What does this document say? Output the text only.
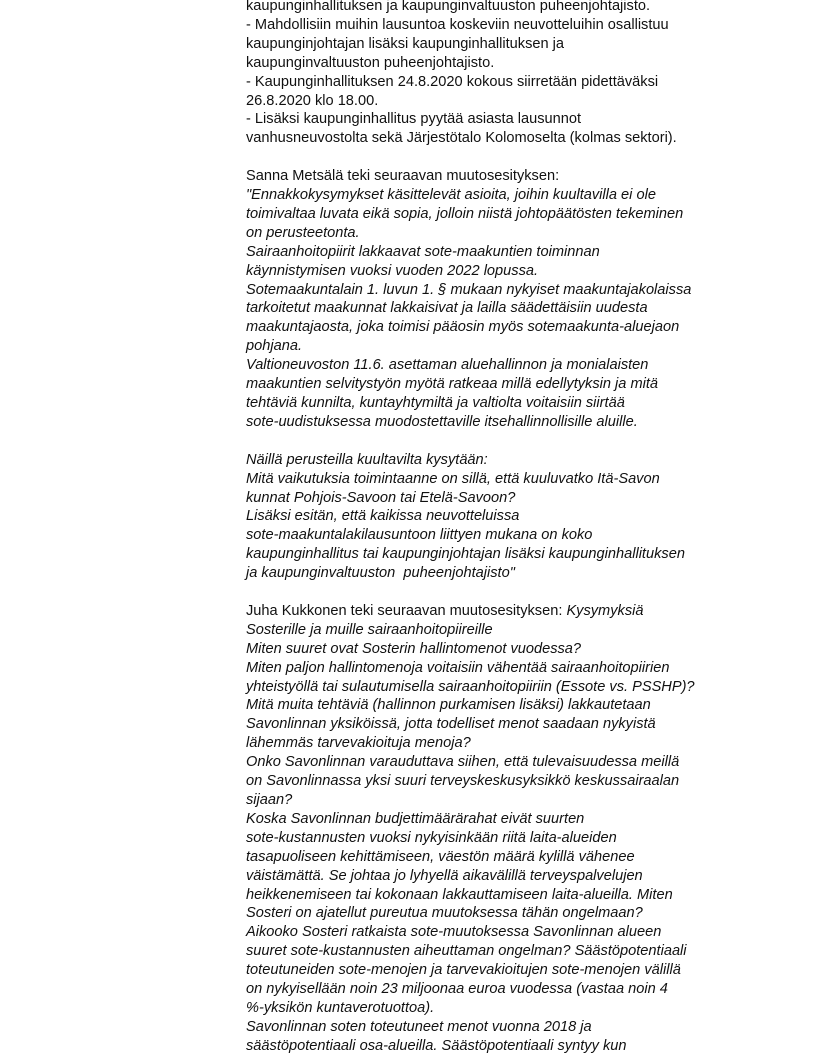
kaupunginhallituksen ja kaupunginvaltuuston puheenjohtajisto.
- Mahdollisiin muihin lausuntoa koskeviin neuvotteluihin osallistuu
kaupunginjohtajan lisäksi kaupunginhallituksen ja
kaupunginvaltuuston puheenjohtajisto.
- Kaupunginhallituksen 24.8.2020 kokous siirretään pidettäväksi
26.8.2020 klo 18.00.
- Lisäksi kaupunginhallitus pyytää asiasta lausunnot
vanhusneuvostolta sekä Järjestötalo Kolomoselta (kolmas sektori).
Sanna Metsälä teki seuraavan muutosesityksen:
"Ennakkokysymykset käsittelevät asioita, joihin kuultavilla ei ole
toimivaltaa luvata eikä sopia, jolloin niistä johtopäätösten tekeminen
on perusteetonta.
Sairaanhoitopiirit lakkaavat sote-maakuntien toiminnan
käynnistymisen vuoksi vuoden 2022 lopussa.
Sotemaakuntalain 1. luvun 1. § mukaan nykyiset maakuntajakolaissa
tarkoitetut maakunnat lakkaisivat ja lailla säädettäisiin uudesta
maakuntajaosta, joka toimisi pääosin myös sotemaakunta-aluejaon
pohjana.
Valtioneuvoston 11.6. asettaman aluehallinnon ja monialaisten
maakuntien selvitystyön myötä ratkeaa millä edellytyksin ja mitä
tehtäviä kunnilta, kuntayhtymiltä ja valtiolta voitaisiin siirtää
sote-uudistuksessa muodostettaville itsehallinnollisille aluille.
Näillä perusteilla kuultavilta kysytään:
Mitä vaikutuksia toimintaanne on sillä, että kuuluvatko Itä-Savon
kunnat Pohjois-Savoon tai Etelä-Savoon?
Lisäksi esitän, että kaikissa neuvotteluissa
sote-maakuntalakilausuntoon liittyen mukana on koko
kaupunginhallitus tai kaupunginjohtajan lisäksi kaupunginhallituksen
ja kaupunginvaltuuston  puheenjohtajisto"
Juha Kukkonen teki seuraavan muutosesityksen: Kysymyksiä
Sosterille ja muille sairaanhoitopiireille
Miten suuret ovat Sosterin hallintomenot vuodessa?
Miten paljon hallintomenoja voitaisiin vähentää sairaanhoitopiirien
yhteistyöllä tai sulautumisella sairaanhoitopiiriin (Essote vs. PSSHP)?
Mitä muita tehtäviä (hallinnon purkamisen lisäksi) lakkautetaan
Savonlinnan yksiköissä, jotta todelliset menot saadaan nykyistä
lähemmäs tarvevakioituja menoja?
Onko Savonlinnan varauduttava siihen, että tulevaisuudessa meillä
on Savonlinnassa yksi suuri terveyskeskusyksikkö keskussairaalan
sijaan?
Koska Savonlinnan budjettimäärärahat eivät suurten
sote-kustannusten vuoksi nykyisinkään riitä laita-alueiden
tasapuoliseen kehittämiseen, väestön määrä kylillä vähenee
väistämättä. Se johtaa jo lyhyellä aikavälillä terveyspalvelujen
heikkenemiseen tai kokonaan lakkauttamiseen laita-alueilla. Miten
Sosteri on ajatellut pureutua muutoksessa tähän ongelmaan?
Aikooko Sosteri ratkaista sote-muutoksessa Savonlinnan alueen
suuret sote-kustannusten aiheuttaman ongelman? Säästöpotentiaali
toteutuneiden sote-menojen ja tarvevakioitujen sote-menojen välillä
on nykyisellään noin 23 miljoonaa euroa vuodessa (vastaa noin 4
%-yksikön kuntaverotuottoa).
Savonlinnan soten toteutuneet menot vuonna 2018 ja
säästöpotentiaali osa-alueilla. Säästöpotentiaali syntyy kun
